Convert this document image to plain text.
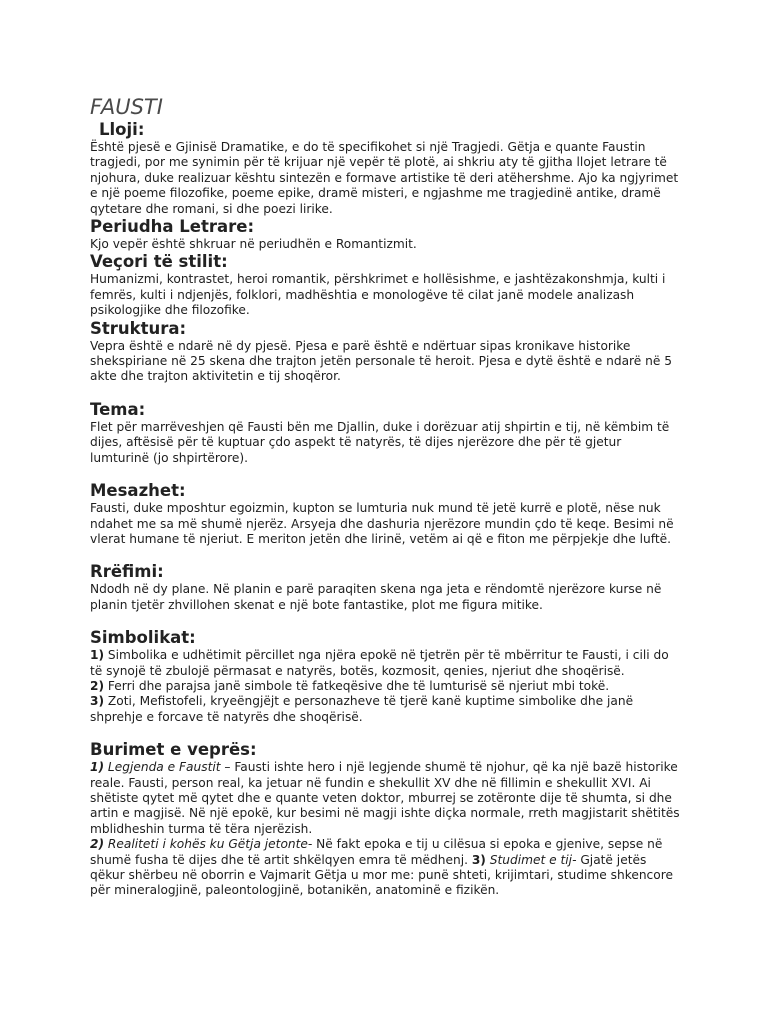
FAUSTI
Lloji:

Është pjesë e Gjinisë Dramatike, e do të specifikohet si një Tragjedi. Gëtja e quante Faustin tragjedi, por me synimin për të krijuar një vepër të plotë, ai shkriu aty të gjitha llojet letrare të njohura, duke realizuar kështu sintezën e formave artistike të deri atëhershme. Ajo ka ngjyrimet e një poeme filozofike, poeme epike, dramë misteri, e ngjashme me tragjedinë antike, dramë qytetare dhe romani, si dhe poezi lirike.

Periudha Letrare:

Kjo vepër është shkruar në periudhën e Romantizmit.

Veçori të stilit:

Humanizmi, kontrastet, heroi romantik, përshkrimet e hollësishme, e jashtëzakonshmja, kulti i femrës, kulti i ndjenjës, folklori, madhështia e monologëve të cilat janë modele analizash psikologjike dhe filozofike.

Struktura:

Vepra është e ndarë në dy pjesë. Pjesa e parë është e ndërtuar sipas kronikave historike shekspiriane në 25 skena dhe trajton jetën personale të heroit. Pjesa e dytë është e ndarë në 5 akte dhe trajton aktivitetin e tij shoqëror.

Tema:

Flet për marrëveshjen që Fausti bën me Djallin, duke i dorëzuar atij shpirtin e tij, në këmbim të dijes, aftësisë për të kuptuar çdo aspekt të natyrës, të dijes njerëzore dhe për të gjetur lumturinë (jo shpirtërore).

Mesazhet:

Fausti, duke mposhtur egoizmin, kupton se lumturia nuk mund të jetë kurrë e plotë, nëse nuk ndahet me sa më shumë njerëz. Arsyeja dhe dashuria njerëzore mundin çdo të keqe. Besimi në vlerat humane të njeriut. E meriton jetën dhe lirinë, vetëm ai që e fiton me përpjekje dhe luftë.

Rrëfimi:

Ndodh në dy plane. Në planin e parë paraqiten skena nga jeta e rëndomtë njerëzore kurse në planin tjetër zhvillohen skenat e një bote fantastike, plot me figura mitike.

Simbolikat:

1) Simbolika e udhëtimit përcillet nga njëra epokë në tjetrën për të mbërritur te Fausti, i cili do të synojë të zbulojë përmasat e natyrës, botës, kozmosit, qenies, njeriut dhe shoqërisë.

2) Ferri dhe parajsa janë simbole të fatkeqësive dhe të lumturisë së njeriut mbi tokë.

3) Zoti, Mefistofeli, kryeëngjëjt e personazheve të tjerë kanë kuptime simbolike dhe janë shprehje e forcave të natyrës dhe shoqërisë.

Burimet e veprës:

1) Legjenda e Faustit – Fausti ishte hero i një legjende shumë të njohur, që ka një bazë historike reale. Fausti, person real, ka jetuar në fundin e shekullit XV dhe në fillimin e shekullit XVI. Ai shëtiste qytet më qytet dhe e quante veten doktor, mburrej se zotëronte dije të shumta, si dhe artin e magjisë. Në një epokë, kur besimi në magji ishte diçka normale, rreth magjistarit shëtitës mblidheshin turma të tëra njerëzish.

2) Realiteti i kohës ku Gëtja jetonte- Në fakt epoka e tij u cilësua si epoka e gjenive, sepse në shumë fusha të dijes dhe të artit shkëlqyen emra të mëdhenj. 3) Studimet e tij- Gjatë jetës qëkur shërbeu në oborrin e Vajmarit Gëtja u mor me: punë shteti, krijimtari, studime shkencore për mineralogjinë, paleontologjinë, botanikën, anatominë e fizikën.
